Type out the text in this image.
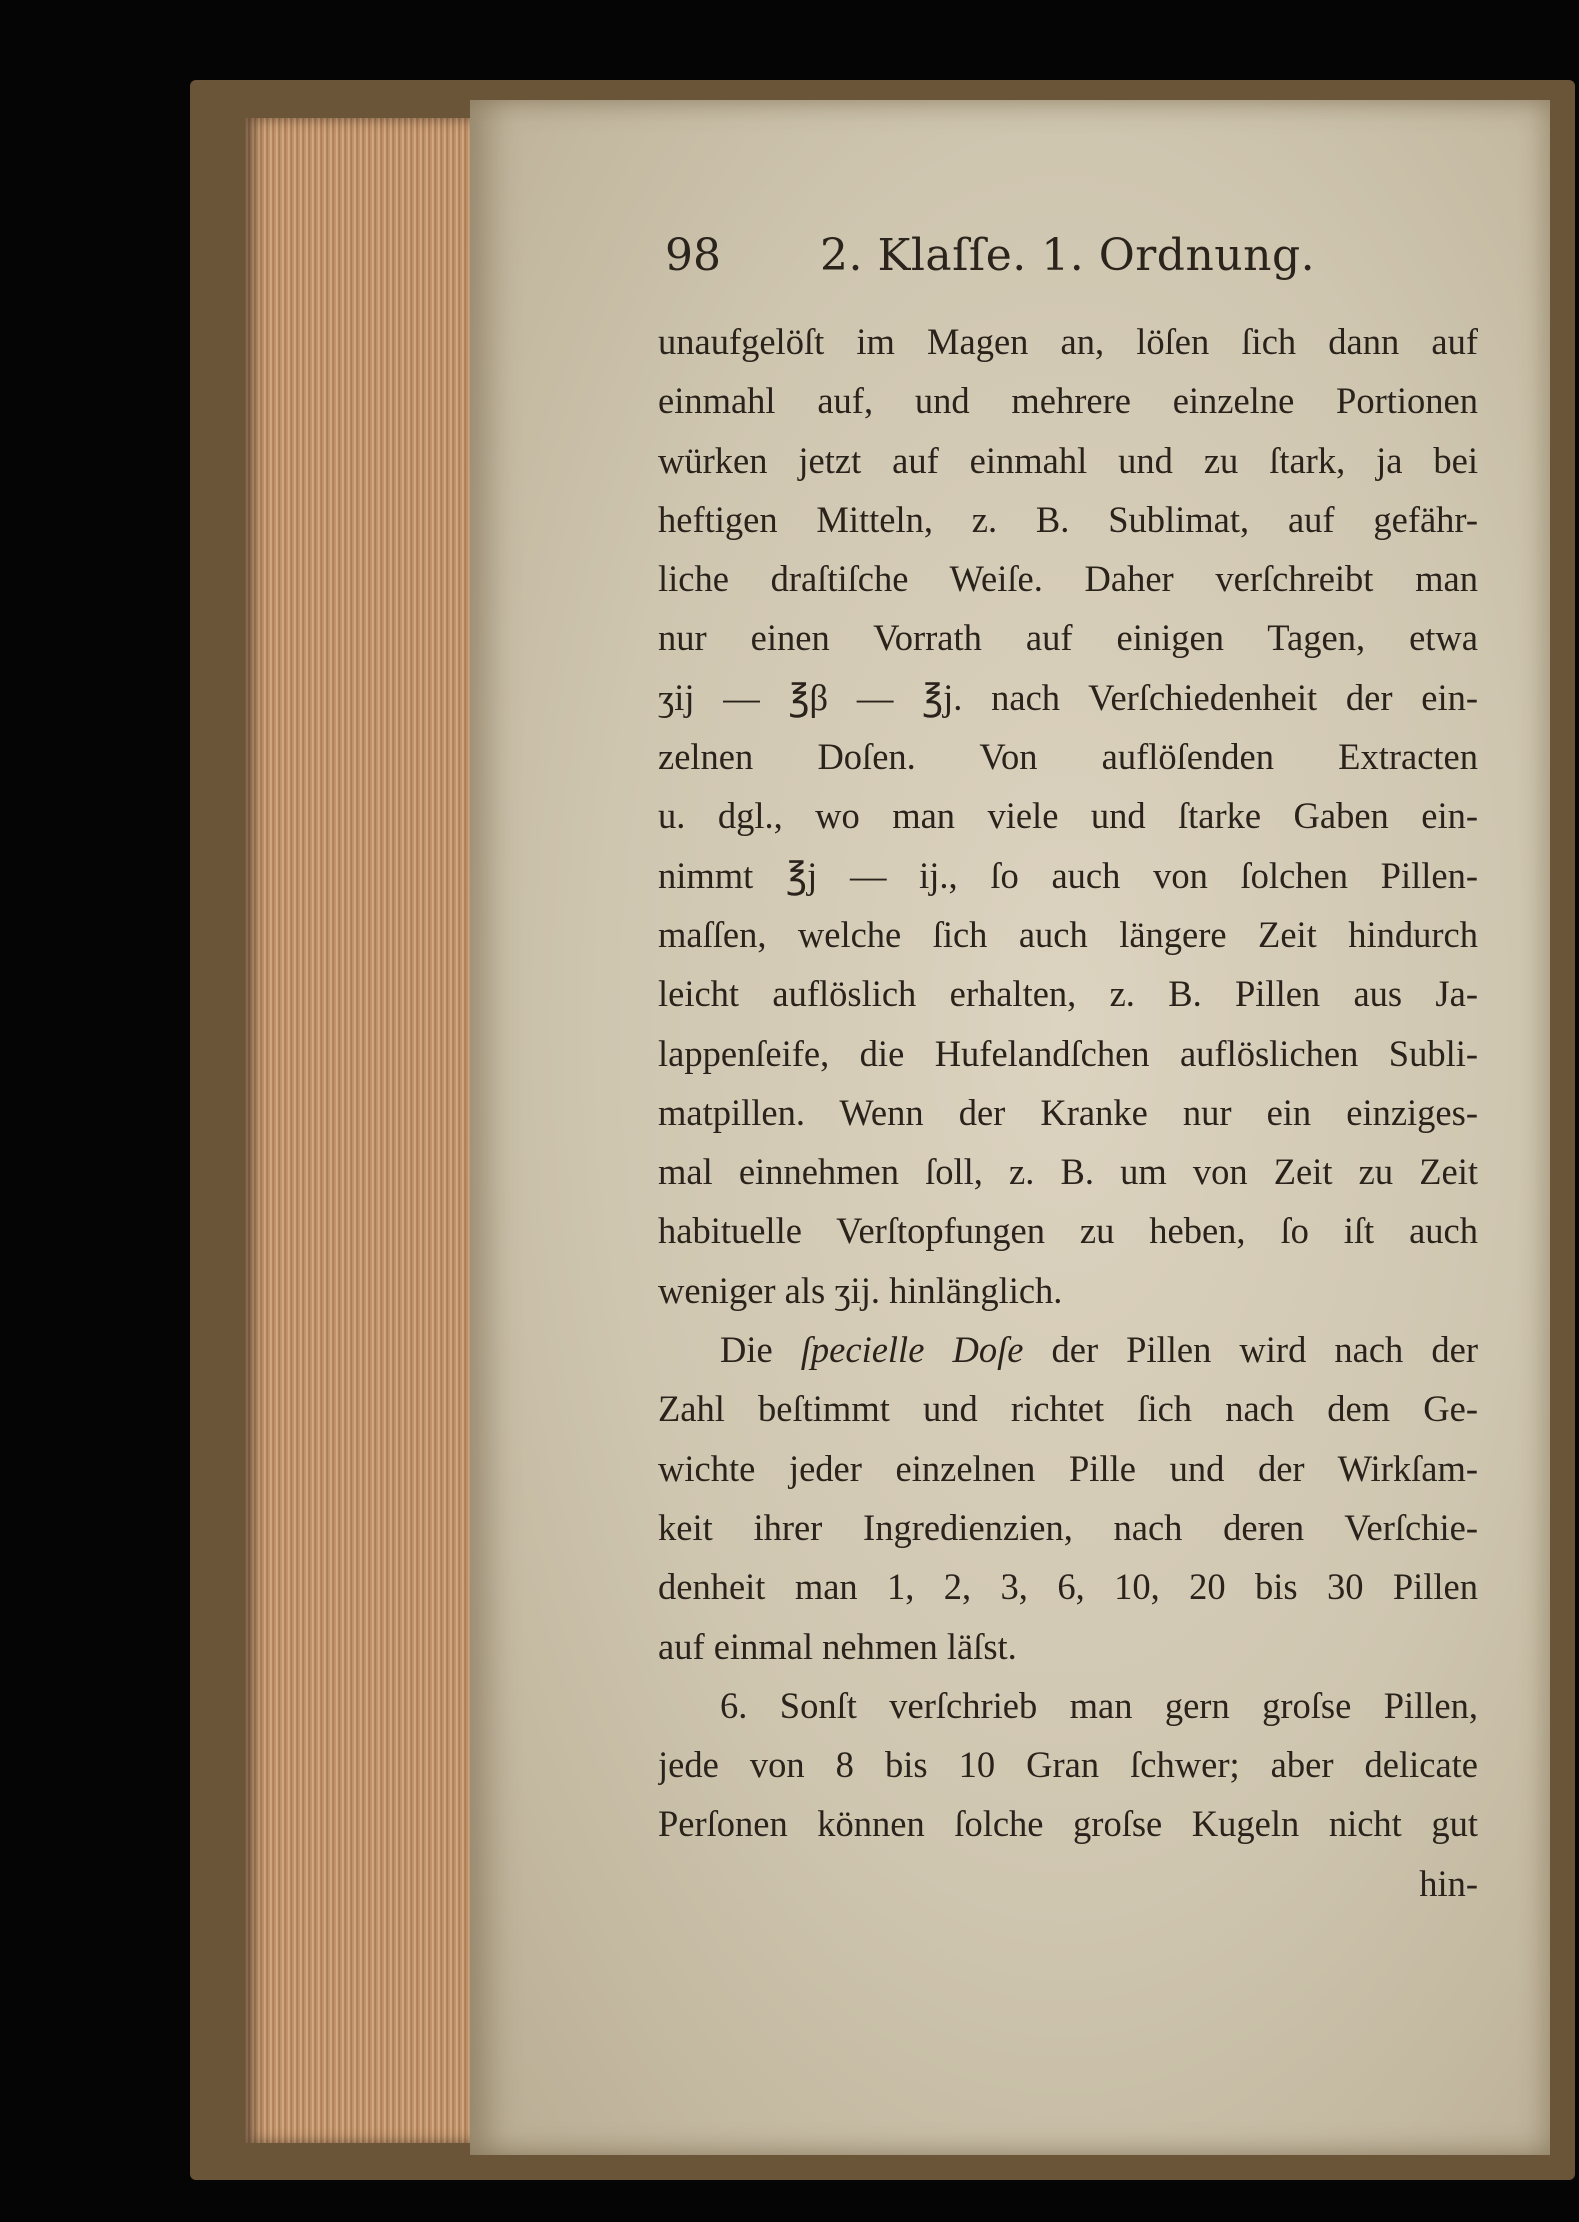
98 2. Klaſſe. 1. Ordnung.
unaufgelöſt im Magen an, löſen ſich dann auf
einmahl auf, und mehrere einzelne Portionen
würken jetzt auf einmahl und zu ſtark, ja bei
heftigen Mitteln, z. B. Sublimat, auf gefähr-
liche draſtiſche Weiſe. Daher verſchreibt man
nur einen Vorrath auf einigen Tagen, etwa
ʒij — ℥β — ℥j. nach Verſchiedenheit der ein-
zelnen Doſen. Von auflöſenden Extracten
u. dgl., wo man viele und ſtarke Gaben ein-
nimmt ℥j — ij., ſo auch von ſolchen Pillen-
maſſen, welche ſich auch längere Zeit hindurch
leicht auflöslich erhalten, z. B. Pillen aus Ja-
lappenſeife, die Hufelandſchen auflöslichen Subli-
matpillen. Wenn der Kranke nur ein einziges-
mal einnehmen ſoll, z. B. um von Zeit zu Zeit
habituelle Verſtopfungen zu heben, ſo iſt auch
weniger als ʒij. hinlänglich.
Die ſpecielle Doſe der Pillen wird nach der
Zahl beſtimmt und richtet ſich nach dem Ge-
wichte jeder einzelnen Pille und der Wirkſam-
keit ihrer Ingredienzien, nach deren Verſchie-
denheit man 1, 2, 3, 6, 10, 20 bis 30 Pillen
auf einmal nehmen läſst.
6. Sonſt verſchrieb man gern groſse Pillen,
jede von 8 bis 10 Gran ſchwer; aber delicate
Perſonen können ſolche groſse Kugeln nicht gut
hin-
